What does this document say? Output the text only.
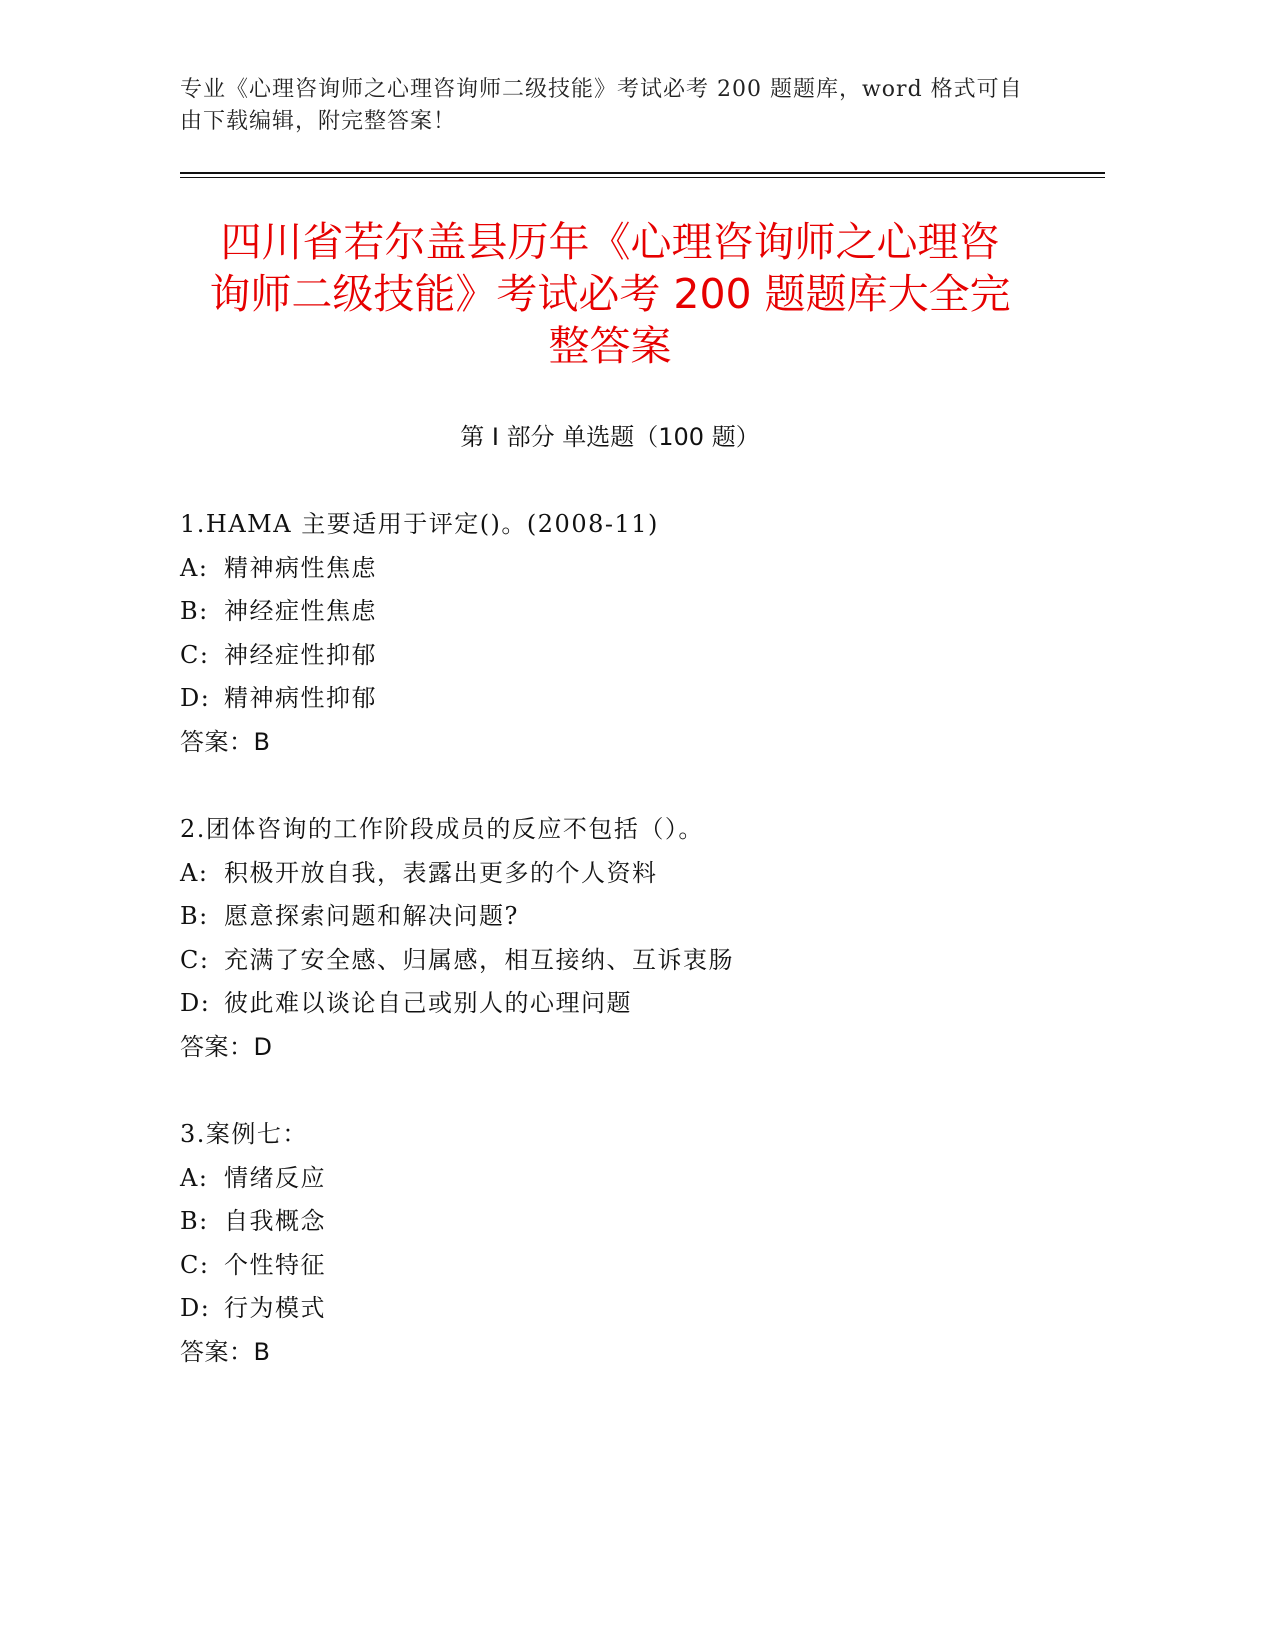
专业《心理咨询师之心理咨询师二级技能》考试必考 200 题题库，word 格式可自
由下载编辑，附完整答案！
四川省若尔盖县历年《心理咨询师之心理咨
询师二级技能》考试必考 200 题题库大全完
整答案
第 I 部分 单选题（100 题）
1.HAMA 主要适用于评定()。(2008-11)
A: 精神病性焦虑
B: 神经症性焦虑
C: 神经症性抑郁
D: 精神病性抑郁
答案：B
2.团体咨询的工作阶段成员的反应不包括（）。
A: 积极开放自我，表露出更多的个人资料
B: 愿意探索问题和解决问题?
C: 充满了安全感、归属感，相互接纳、互诉衷肠
D: 彼此难以谈论自己或别人的心理问题
答案：D
3.案例七：
A: 情绪反应
B: 自我概念
C: 个性特征
D: 行为模式
答案：B
